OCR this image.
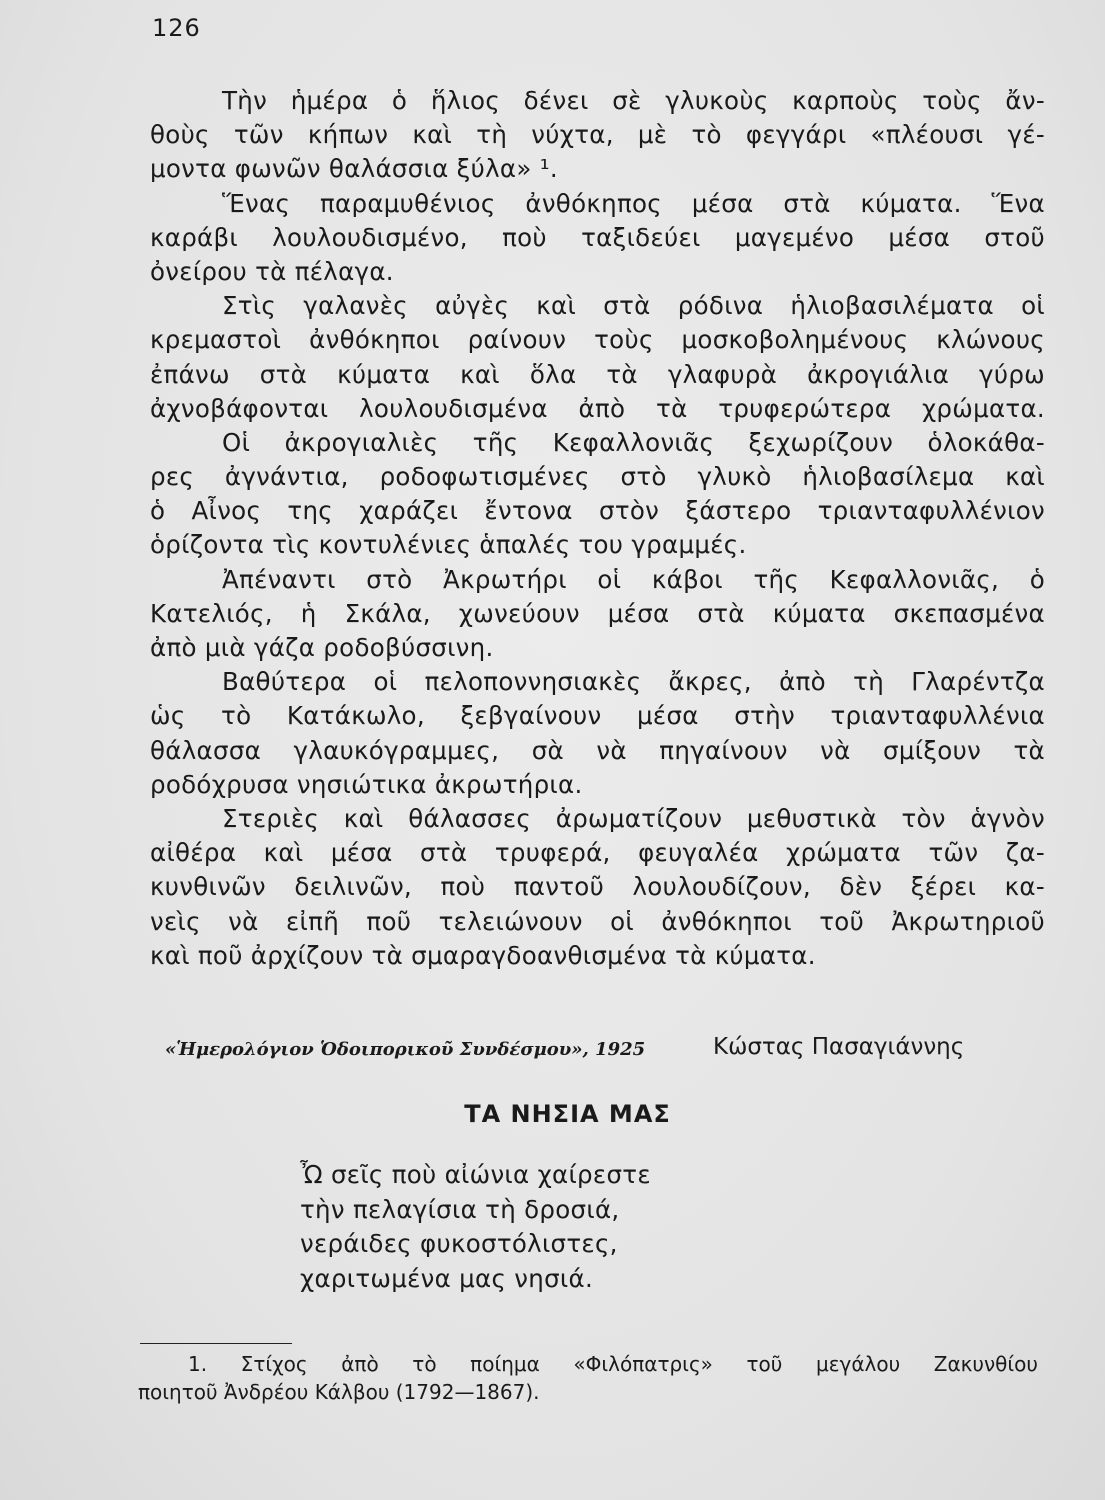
126
Τὴν ἡμέρα ὁ ἥλιος δένει σὲ γλυκοὺς καρποὺς τοὺς ἄν-
θοὺς τῶν κήπων καὶ τὴ νύχτα, μὲ τὸ φεγγάρι «πλέουσι γέ-
μοντα φωνῶν θαλάσσια ξύλα» ¹.
Ἕνας παραμυθένιος ἀνθόκηπος μέσα στὰ κύματα. Ἕνα
καράβι λουλουδισμένο, ποὺ ταξιδεύει μαγεμένο μέσα στοῦ
ὀνείρου τὰ πέλαγα.
Στὶς γαλανὲς αὐγὲς καὶ στὰ ρόδινα ἡλιοβασιλέματα οἱ
κρεμαστοὶ ἀνθόκηποι ραίνουν τοὺς μοσκοβολημένους κλώνους
ἐπάνω στὰ κύματα καὶ ὅλα τὰ γλαφυρὰ ἀκρογιάλια γύρω
ἀχνοβάφονται λουλουδισμένα ἀπὸ τὰ τρυφερώτερα χρώματα.
Οἱ ἀκρογιαλιὲς τῆς Κεφαλλονιᾶς ξεχωρίζουν ὁλοκάθα-
ρες ἀγνάντια, ροδοφωτισμένες στὸ γλυκὸ ἡλιοβασίλεμα καὶ
ὁ Αἶνος της χαράζει ἔντονα στὸν ξάστερο τριανταφυλλένιον
ὁρίζοντα τὶς κοντυλένιες ἁπαλές του γραμμές.
Ἀπέναντι στὸ Ἀκρωτήρι οἱ κάβοι τῆς Κεφαλλονιᾶς, ὁ
Κατελιός, ἡ Σκάλα, χωνεύουν μέσα στὰ κύματα σκεπασμένα
ἀπὸ μιὰ γάζα ροδοβύσσινη.
Βαθύτερα οἱ πελοποννησιακὲς ἄκρες, ἀπὸ τὴ Γλαρέντζα
ὡς τὸ Κατάκωλο, ξεβγαίνουν μέσα στὴν τριανταφυλλένια
θάλασσα γλαυκόγραμμες, σὰ νὰ πηγαίνουν νὰ σμίξουν τὰ
ροδόχρυσα νησιώτικα ἀκρωτήρια.
Στεριὲς καὶ θάλασσες ἀρωματίζουν μεθυστικὰ τὸν ἁγνὸν
αἰθέρα καὶ μέσα στὰ τρυφερά, φευγαλέα χρώματα τῶν ζα-
κυνθινῶν δειλινῶν, ποὺ παντοῦ λουλουδίζουν, δὲν ξέρει κα-
νεὶς νὰ εἰπῆ ποῦ τελειώνουν οἱ ἀνθόκηποι τοῦ Ἀκρωτηριοῦ
καὶ ποῦ ἀρχίζουν τὰ σμαραγδοανθισμένα τὰ κύματα.
«Ἡμερολόγιον Ὁδοιπορικοῦ Συνδέσμου», 1925	Κώστας Πασαγιάννης
ΤΑ ΝΗΣΙΑ ΜΑΣ
Ὦ σεῖς ποὺ αἰώνια χαίρεστε
τὴν πελαγίσια τὴ δροσιά,
νεράιδες φυκοστόλιστες,
χαριτωμένα μας νησιά.
1. Στίχος ἀπὸ τὸ ποίημα «Φιλόπατρις» τοῦ μεγάλου Ζακυνθίου
ποιητοῦ Ἀνδρέου Κάλβου (1792—1867).
